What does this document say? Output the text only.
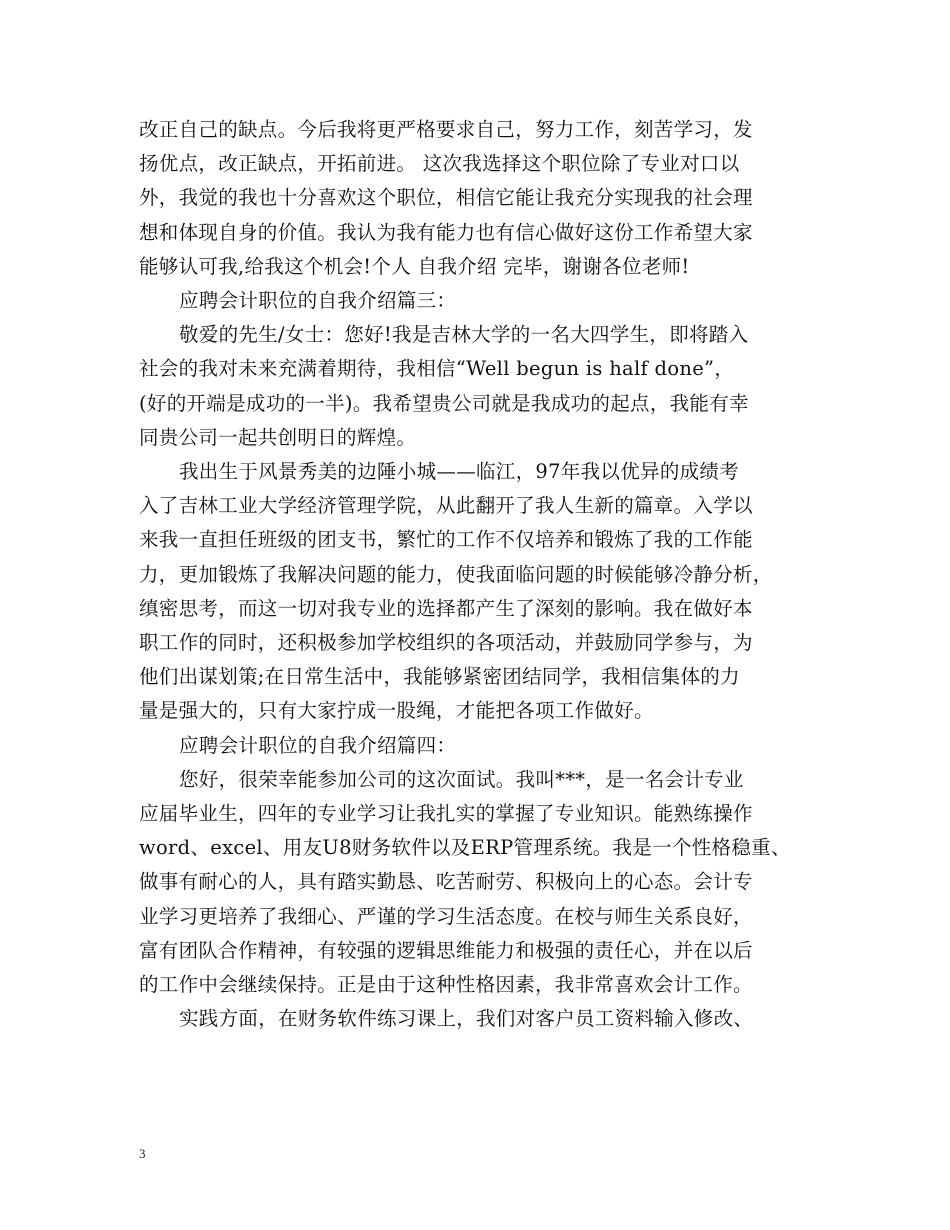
改正自己的缺点。今后我将更严格要求自己，努力工作，刻苦学习，发
扬优点，改正缺点，开拓前进。 这次我选择这个职位除了专业对口以
外，我觉的我也十分喜欢这个职位，相信它能让我充分实现我的社会理
想和体现自身的价值。我认为我有能力也有信心做好这份工作希望大家
能够认可我,给我这个机会!个人 自我介绍 完毕，谢谢各位老师!
应聘会计职位的自我介绍篇三：
敬爱的先生/女士：您好!我是吉林大学的一名大四学生，即将踏入
社会的我对未来充满着期待，我相信“Well begun is half done”，
(好的开端是成功的一半)。我希望贵公司就是我成功的起点，我能有幸
同贵公司一起共创明日的辉煌。
我出生于风景秀美的边陲小城——临江，97年我以优异的成绩考
入了吉林工业大学经济管理学院，从此翻开了我人生新的篇章。入学以
来我一直担任班级的团支书，繁忙的工作不仅培养和锻炼了我的工作能
力，更加锻炼了我解决问题的能力，使我面临问题的时候能够冷静分析，
缜密思考，而这一切对我专业的选择都产生了深刻的影响。我在做好本
职工作的同时，还积极参加学校组织的各项活动，并鼓励同学参与，为
他们出谋划策;在日常生活中，我能够紧密团结同学，我相信集体的力
量是强大的，只有大家拧成一股绳，才能把各项工作做好。
应聘会计职位的自我介绍篇四：
您好，很荣幸能参加公司的这次面试。我叫***，是一名会计专业
应届毕业生，四年的专业学习让我扎实的掌握了专业知识。能熟练操作
word、excel、用友U8财务软件以及ERP管理系统。我是一个性格稳重、
做事有耐心的人，具有踏实勤恳、吃苦耐劳、积极向上的心态。会计专
业学习更培养了我细心、严谨的学习生活态度。在校与师生关系良好，
富有团队合作精神，有较强的逻辑思维能力和极强的责任心，并在以后
的工作中会继续保持。正是由于这种性格因素，我非常喜欢会计工作。
实践方面，在财务软件练习课上，我们对客户员工资料输入修改、
3
